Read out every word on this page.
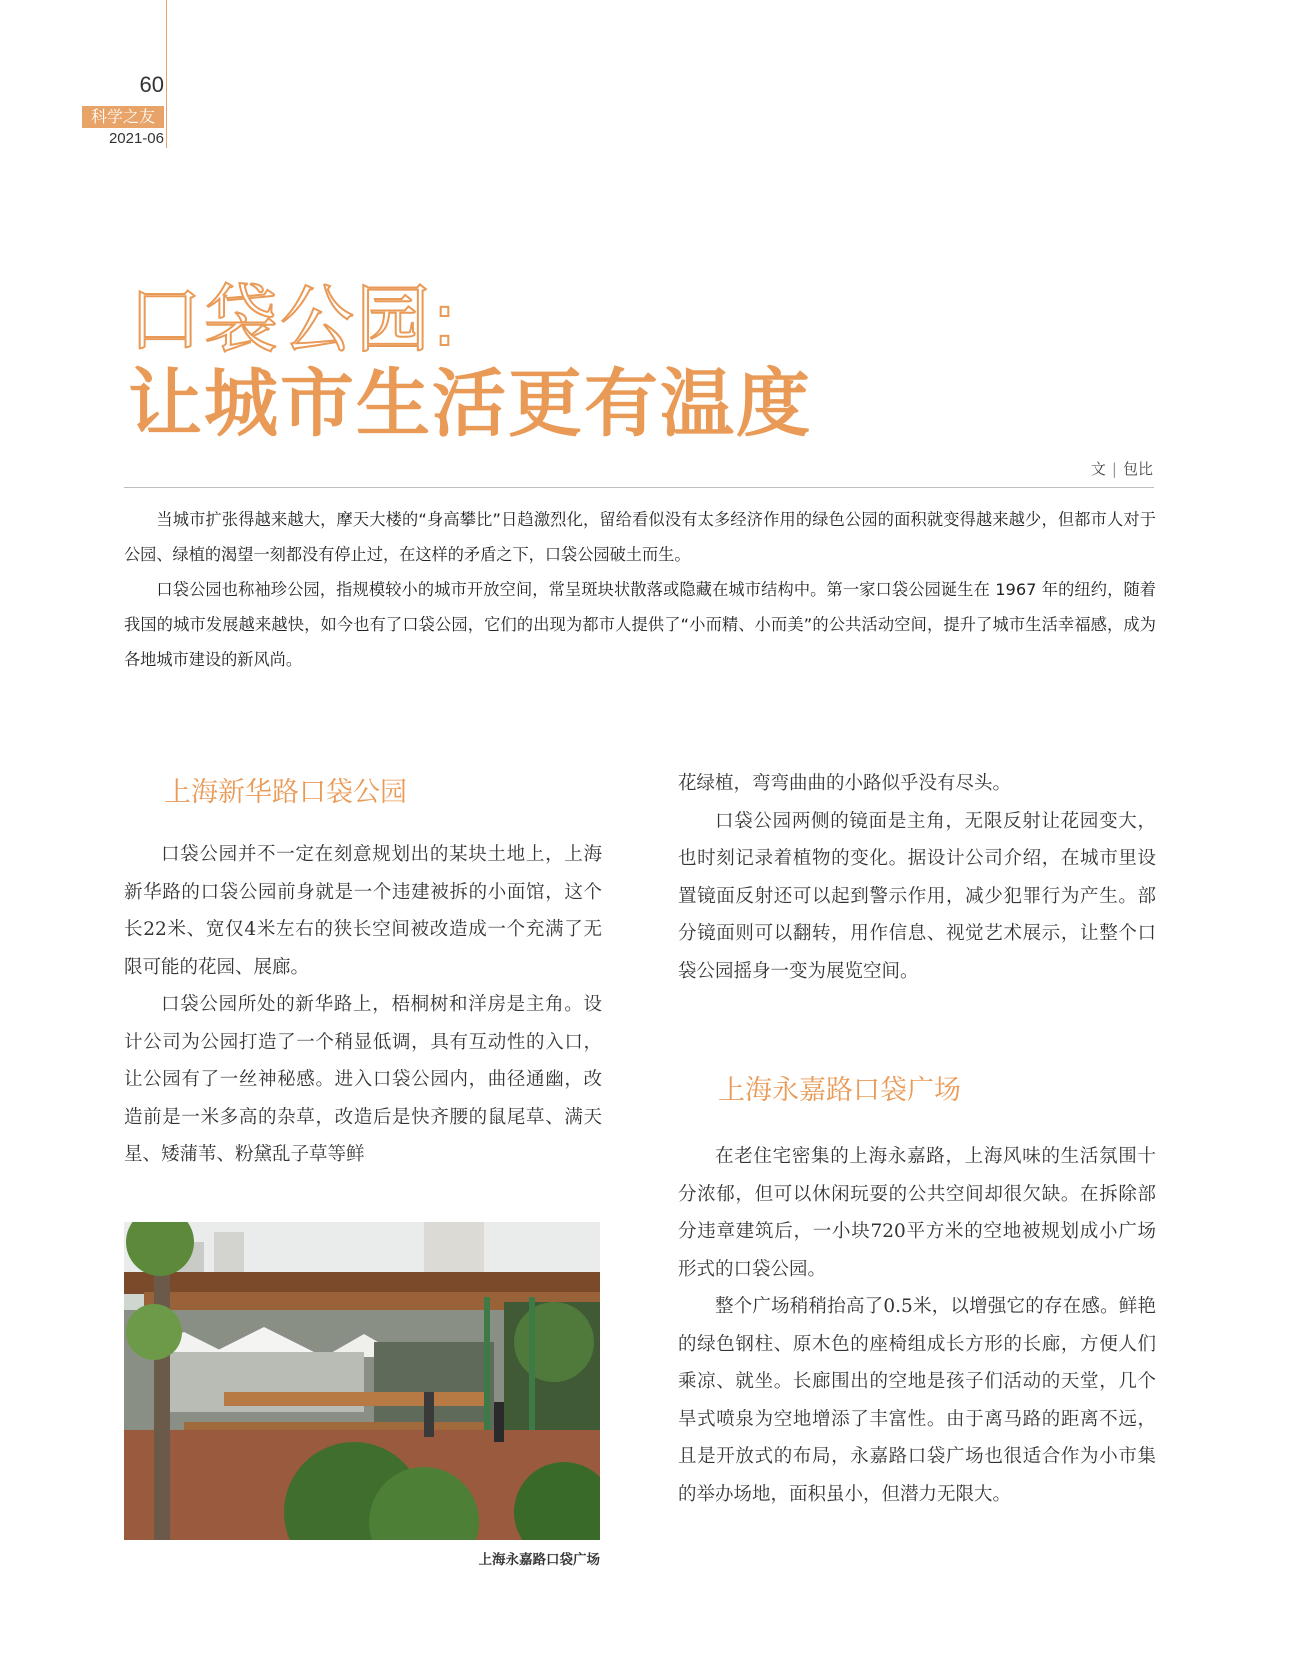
60
科学之友
2021-06
口袋公园:
让城市生活更有温度
文 | 包比

当城市扩张得越来越大，摩天大楼的“身高攀比”日趋激烈化，留给看似没有太多经济作用的绿色公园的面积就变得越来越少，但都市人对于公园、绿植的渴望一刻都没有停止过，在这样的矛盾之下，口袋公园破土而生。

口袋公园也称袖珍公园，指规模较小的城市开放空间，常呈斑块状散落或隐藏在城市结构中。第一家口袋公园诞生在 1967 年的纽约，随着我国的城市发展越来越快，如今也有了口袋公园，它们的出现为都市人提供了“小而精、小而美”的公共活动空间，提升了城市生活幸福感，成为各地城市建设的新风尚。

上海新华路口袋公园

口袋公园并不一定在刻意规划出的某块土地上，上海新华路的口袋公园前身就是一个违建被拆的小面馆，这个长22米、宽仅4米左右的狭长空间被改造成一个充满了无限可能的花园、展廊。

口袋公园所处的新华路上，梧桐树和洋房是主角。设计公司为公园打造了一个稍显低调，具有互动性的入口，让公园有了一丝神秘感。进入口袋公园内，曲径通幽，改造前是一米多高的杂草，改造后是快齐腰的鼠尾草、满天星、矮蒲苇、粉黛乱子草等鲜

上海永嘉路口袋广场

花绿植，弯弯曲曲的小路似乎没有尽头。

口袋公园两侧的镜面是主角，无限反射让花园变大，也时刻记录着植物的变化。据设计公司介绍，在城市里设置镜面反射还可以起到警示作用，减少犯罪行为产生。部分镜面则可以翻转，用作信息、视觉艺术展示，让整个口袋公园摇身一变为展览空间。

上海永嘉路口袋广场

在老住宅密集的上海永嘉路，上海风味的生活氛围十分浓郁，但可以休闲玩耍的公共空间却很欠缺。在拆除部分违章建筑后，一小块720平方米的空地被规划成小广场形式的口袋公园。

整个广场稍稍抬高了0.5米，以增强它的存在感。鲜艳的绿色钢柱、原木色的座椅组成长方形的长廊，方便人们乘凉、就坐。长廊围出的空地是孩子们活动的天堂，几个旱式喷泉为空地增添了丰富性。由于离马路的距离不远，且是开放式的布局，永嘉路口袋广场也很适合作为小市集的举办场地，面积虽小，但潜力无限大。
